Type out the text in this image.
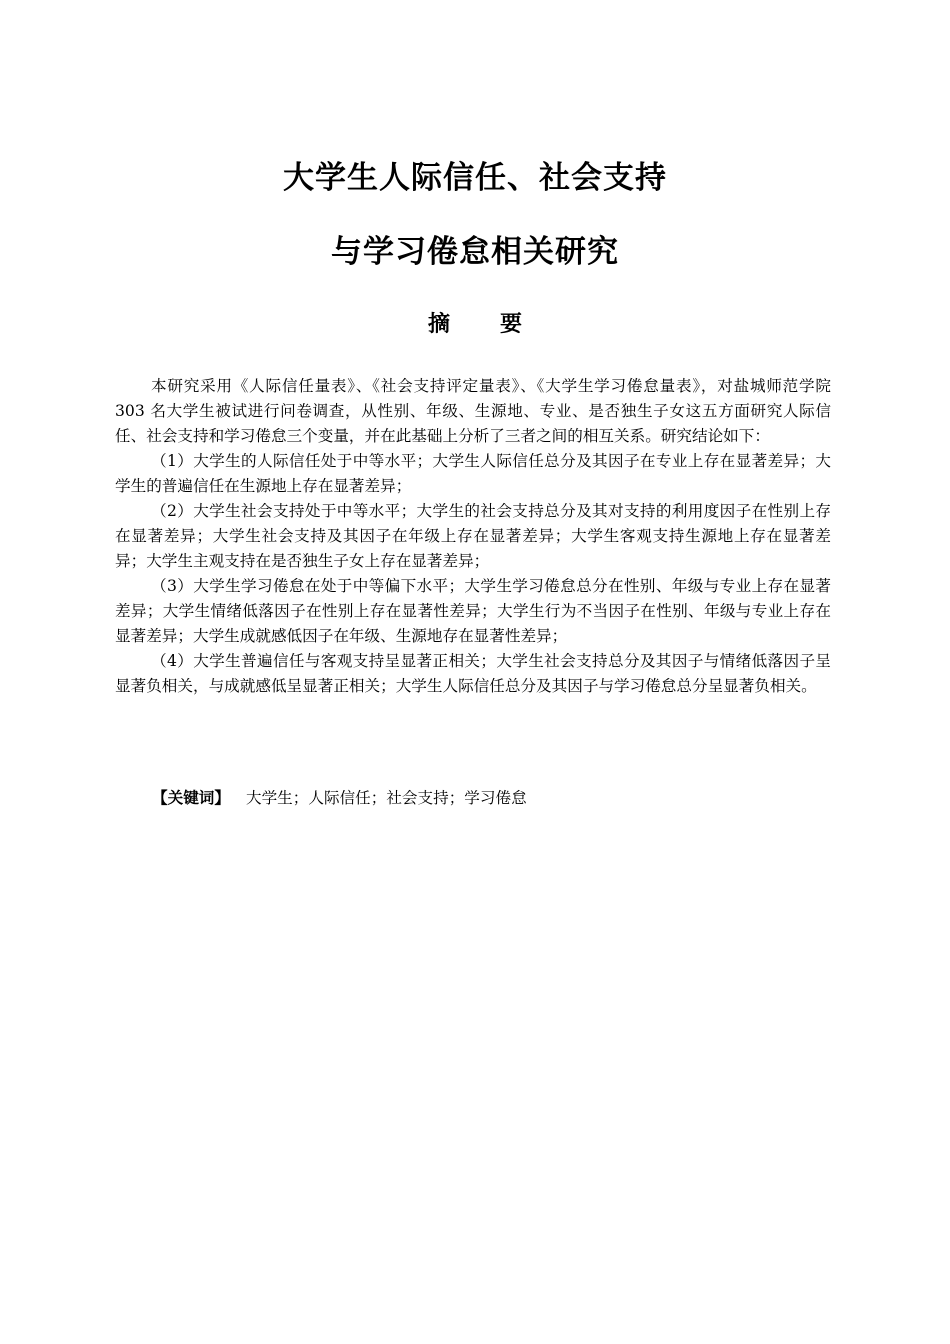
大学生人际信任、社会支持
与学习倦怠相关研究
摘要

本研究采用《人际信任量表》、《社会支持评定量表》、《大学生学习倦怠量表》，对盐城师范学院 303 名大学生被试进行问卷调查，从性别、年级、生源地、专业、是否独生子女这五方面研究人际信任、社会支持和学习倦怠三个变量，并在此基础上分析了三者之间的相互关系。研究结论如下：

（1）大学生的人际信任处于中等水平；大学生人际信任总分及其因子在专业上存在显著差异；大学生的普遍信任在生源地上存在显著差异；

（2）大学生社会支持处于中等水平；大学生的社会支持总分及其对支持的利用度因子在性别上存在显著差异；大学生社会支持及其因子在年级上存在显著差异；大学生客观支持生源地上存在显著差异；大学生主观支持在是否独生子女上存在显著差异；

（3）大学生学习倦怠在处于中等偏下水平；大学生学习倦怠总分在性别、年级与专业上存在显著差异；大学生情绪低落因子在性别上存在显著性差异；大学生行为不当因子在性别、年级与专业上存在显著差异；大学生成就感低因子在年级、生源地存在显著性差异；

（4）大学生普遍信任与客观支持呈显著正相关；大学生社会支持总分及其因子与情绪低落因子呈显著负相关，与成就感低呈显著正相关；大学生人际信任总分及其因子与学习倦怠总分呈显著负相关。

【关键词】 大学生；人际信任；社会支持；学习倦怠
